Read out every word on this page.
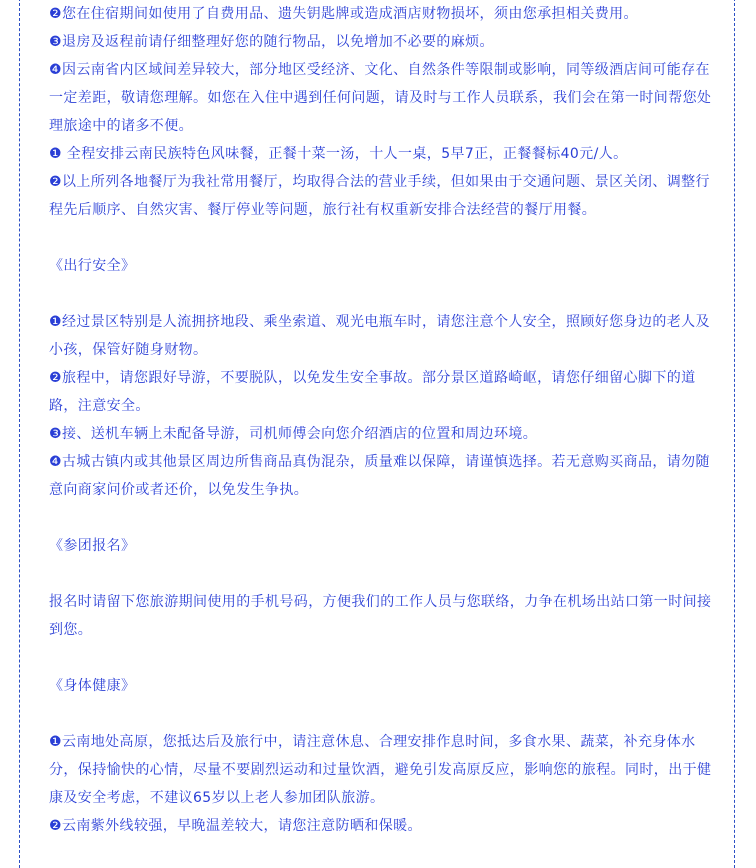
❷您在住宿期间如使用了自费用品、遗失钥匙牌或造成酒店财物损坏，须由您承担相关费用。
❸退房及返程前请仔细整理好您的随行物品，以免增加不必要的麻烦。
❹因云南省内区域间差异较大，部分地区受经济、文化、自然条件等限制或影响，同等级酒店间可能存在一定差距，敬请您理解。如您在入住中遇到任何问题，请及时与工作人员联系，我们会在第一时间帮您处理旅途中的诸多不便。
❶ 全程安排云南民族特色风味餐，正餐十菜一汤，十人一桌，5早7正，正餐餐标40元/人。
❷以上所列各地餐厅为我社常用餐厅，均取得合法的营业手续，但如果由于交通问题、景区关闭、调整行程先后顺序、自然灾害、餐厅停业等问题，旅行社有权重新安排合法经营的餐厅用餐。
《出行安全》
❶经过景区特别是人流拥挤地段、乘坐索道、观光电瓶车时，请您注意个人安全，照顾好您身边的老人及小孩，保管好随身财物。
❷旅程中，请您跟好导游，不要脱队，以免发生安全事故。部分景区道路崎岖，请您仔细留心脚下的道路，注意安全。
❸接、送机车辆上未配备导游，司机师傅会向您介绍酒店的位置和周边环境。
❹古城古镇内或其他景区周边所售商品真伪混杂，质量难以保障，请谨慎选择。若无意购买商品，请勿随意向商家问价或者还价，以免发生争执。
《参团报名》
报名时请留下您旅游期间使用的手机号码，方便我们的工作人员与您联络，力争在机场出站口第一时间接到您。
《身体健康》
❶云南地处高原，您抵达后及旅行中，请注意休息、合理安排作息时间，多食水果、蔬菜，补充身体水分，保持愉快的心情，尽量不要剧烈运动和过量饮酒，避免引发高原反应，影响您的旅程。同时，出于健康及安全考虑，不建议65岁以上老人参加团队旅游。
❷云南紫外线较强，早晚温差较大，请您注意防晒和保暖。
